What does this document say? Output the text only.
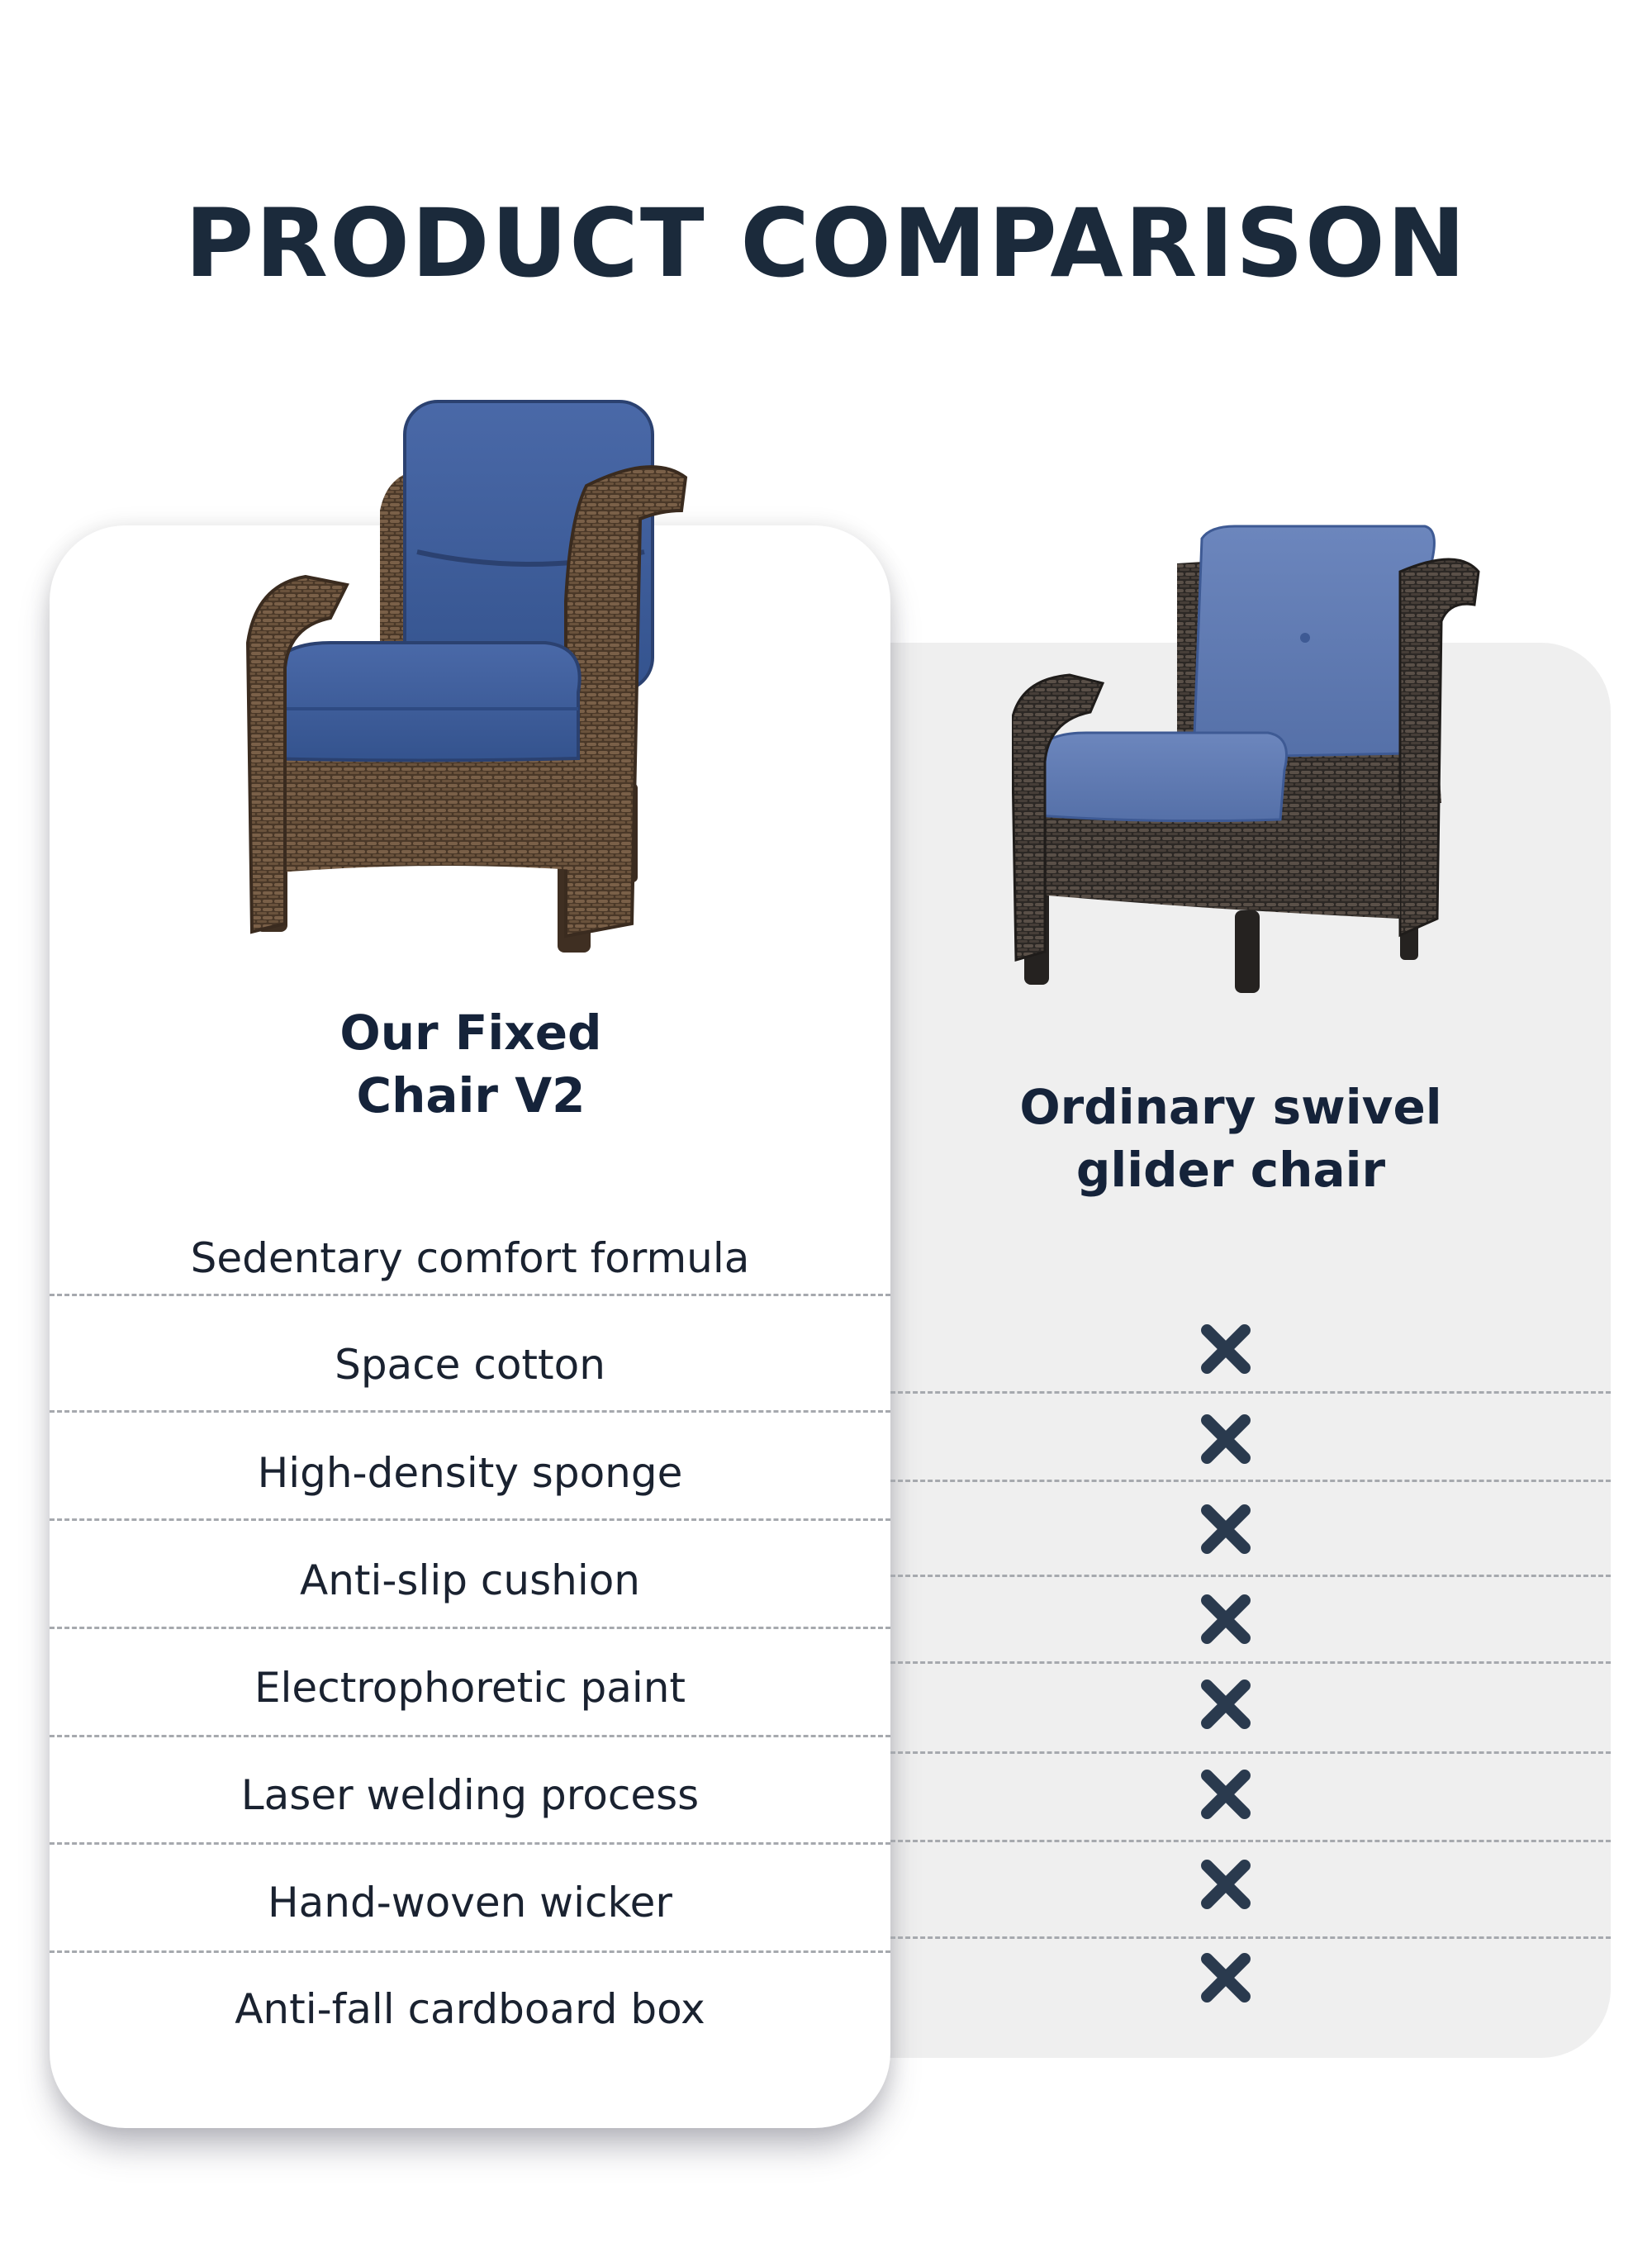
PRODUCT COMPARISON
Our Fixed
Chair V2	Ordinary swivel
glider chair
Sedentary comfort formula
Space cotton
High-density sponge
Anti-slip cushion
Electrophoretic paint
Laser welding process
Hand-woven wicker
Anti-fall cardboard box
